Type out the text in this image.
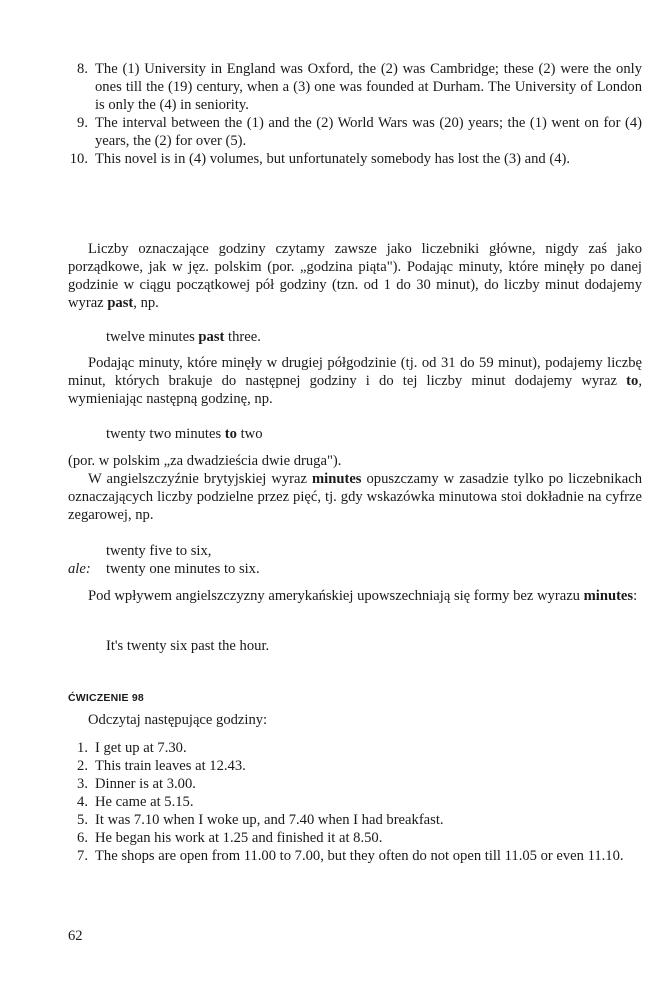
8. The (1) University in England was Oxford, the (2) was Cambridge; these (2) were the only ones till the (19) century, when a (3) one was founded at Durham. The University of London is only the (4) in seniority.
9. The interval between the (1) and the (2) World Wars was (20) years; the (1) went on for (4) years, the (2) for over (5).
10. This novel is in (4) volumes, but unfortunately somebody has lost the (3) and (4).
Liczby oznaczające godziny czytamy zawsze jako liczebniki główne, nigdy zaś jako porządkowe, jak w jęz. polskim (por. „godzina piąta"). Podając minuty, które minęły po danej godzinie w ciągu początkowej pół godziny (tzn. od 1 do 30 minut), do liczby minut dodajemy wyraz past, np.
twelve minutes past three.
Podając minuty, które minęły w drugiej półgodzinie (tj. od 31 do 59 minut), podajemy liczbę minut, których brakuje do następnej godziny i do tej liczby minut dodajemy wyraz to, wymieniając następną godzinę, np.
twenty two minutes to two
(por. w polskim „za dwadzieścia dwie druga").
W angielszczyźnie brytyjskiej wyraz minutes opuszczamy w zasadzie tylko po liczebnikach oznaczających liczby podzielne przez pięć, tj. gdy wskazówka minutowa stoi dokładnie na cyfrze zegarowej, np.
twenty five to six,
ale: twenty one minutes to six.
Pod wpływem angielszczyzny amerykańskiej upowszechniają się formy bez wyrazu minutes:
It's twenty six past the hour.
ĆWICZENIE 98
Odczytaj następujące godziny:
1. I get up at 7.30.
2. This train leaves at 12.43.
3. Dinner is at 3.00.
4. He came at 5.15.
5. It was 7.10 when I woke up, and 7.40 when I had breakfast.
6. He began his work at 1.25 and finished it at 8.50.
7. The shops are open from 11.00 to 7.00, but they often do not open till 11.05 or even 11.10.
62
